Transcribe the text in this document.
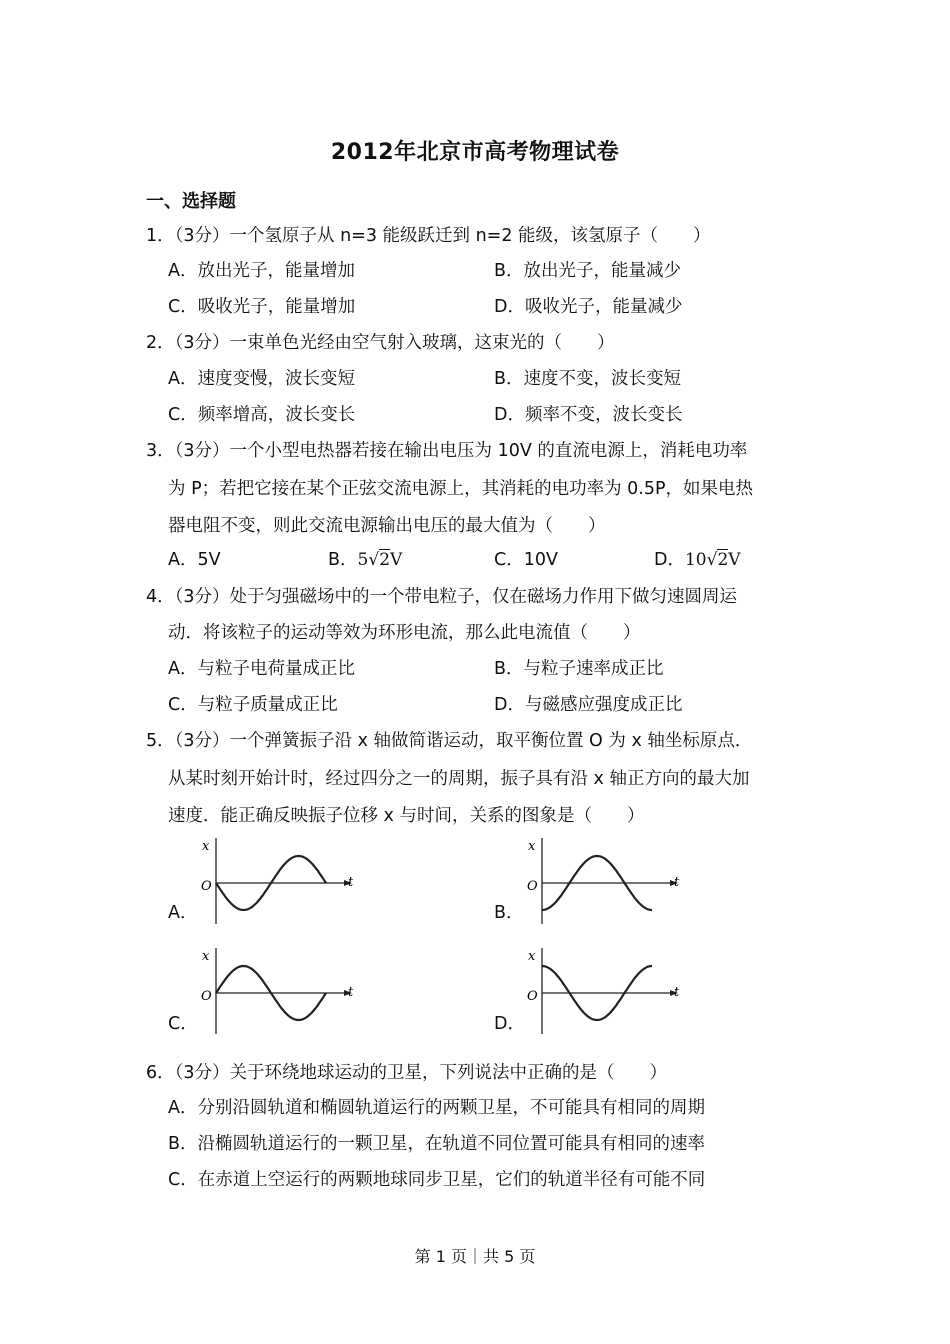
2012年北京市高考物理试卷
一、选择题
1．（3分）一个氢原子从 n=3 能级跃迁到 n=2 能级，该氢原子（　　）
A．放出光子，能量增加	B．放出光子，能量减少
C．吸收光子，能量增加	D．吸收光子，能量减少
2．（3分）一束单色光经由空气射入玻璃，这束光的（　　）
A．速度变慢，波长变短	B．速度不变，波长变短
C．频率增高，波长变长	D．频率不变，波长变长
3．（3分）一个小型电热器若接在输出电压为 10V 的直流电源上，消耗电功率
为 P；若把它接在某个正弦交流电源上，其消耗的电功率为 0.5P，如果电热
器电阻不变，则此交流电源输出电压的最大值为（　　）
A．5V	B．5√2V	C．10V	D．10√2V
4．（3分）处于匀强磁场中的一个带电粒子，仅在磁场力作用下做匀速圆周运
动．将该粒子的运动等效为环形电流，那么此电流值（　　）
A．与粒子电荷量成正比	B．与粒子速率成正比
C．与粒子质量成正比	D．与磁感应强度成正比
5．（3分）一个弹簧振子沿 x 轴做简谐运动，取平衡位置 O 为 x 轴坐标原点．
从某时刻开始计时，经过四分之一的周期，振子具有沿 x 轴正方向的最大加
速度．能正确反映振子位移 x 与时间，关系的图象是（　　）
A．	B．
C．	D．
x
O	t
x
O	t
x
O	t
x
O	t
6．（3分）关于环绕地球运动的卫星，下列说法中正确的是（　　）
A．分别沿圆轨道和椭圆轨道运行的两颗卫星，不可能具有相同的周期
B．沿椭圆轨道运行的一颗卫星，在轨道不同位置可能具有相同的速率
C．在赤道上空运行的两颗地球同步卫星，它们的轨道半径有可能不同
第 1 页｜共 5 页
